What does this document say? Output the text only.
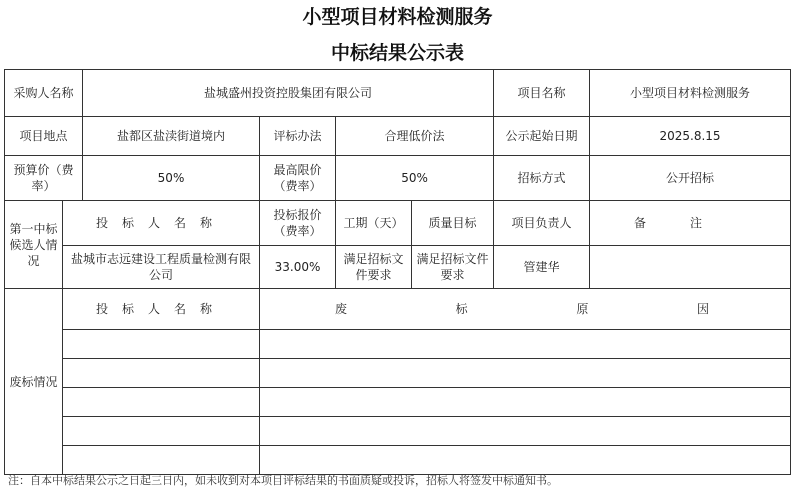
小型项目材料检测服务
中标结果公示表
采购人名称		盐城盛州投资控股集团有限公司				项目名称	小型项目材料检测服务
项目地点		盐都区盐渎街道境内	评标办法	合理低价法		公示起始日期	2025.8.15
预算价（费率）		50%	最高限价（费率）	50%		招标方式	公开招标
第一中标候选人情况	投标人名称		投标报价（费率）	工期（天）	质量目标	项目负责人	备注
	盐城市志远建设工程质量检测有限公司		33.00%	满足招标文件要求	满足招标文件要求	管建华	
废标情况	投标人名称		废 标 原 因				

注：自本中标结果公示之日起三日内，如未收到对本项目评标结果的书面质疑或投诉，招标人将签发中标通知书。
